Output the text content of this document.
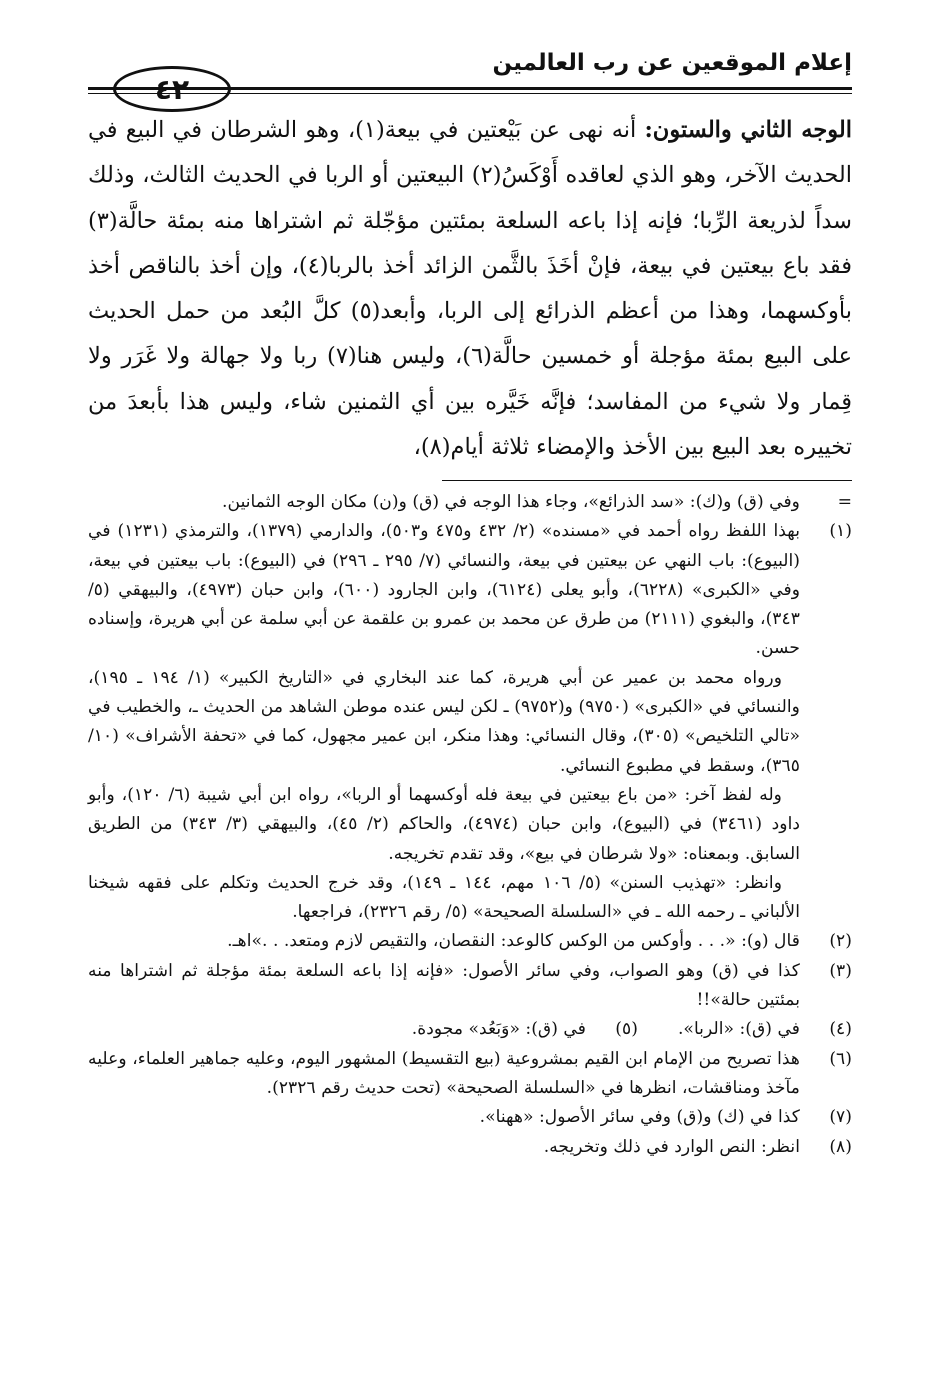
إعلام الموقعين عن رب العالمين
٤٢
الوجه الثاني والستون: أنه نهى عن بَيْعتين في بيعة(١)، وهو الشرطان في البيع في الحديث الآخر، وهو الذي لعاقده أَوْكَسُ(٢) البيعتين أو الربا في الحديث الثالث، وذلك سداً لذريعة الرِّبا؛ فإنه إذا باعه السلعة بمئتين مؤجّلة ثم اشتراها منه بمئة حالَّة(٣) فقد باع بيعتين في بيعة، فإنْ أخَذَ بالثَّمن الزائد أخذ بالربا(٤)، وإن أخذ بالناقص أخذ بأوكسهما، وهذا من أعظم الذرائع إلى الربا، وأبعد(٥) كلَّ البُعد من حمل الحديث على البيع بمئة مؤجلة أو خمسين حالَّة(٦)، وليس هنا(٧) ربا ولا جهالة ولا غَرَر ولا قِمار ولا شيء من المفاسد؛ فإنَّه خَيَّره بين أي الثمنين شاء، وليس هذا بأبعدَ من تخييره بعد البيع بين الأخذ والإمضاء ثلاثة أيام(٨)،

=
وفي (ق) و(ك): «سد الذرائع»، وجاء هذا الوجه في (ق) و(ن) مكان الوجه الثمانين.

(١)
بهذا اللفظ رواه أحمد في «مسنده» (٢/ ٤٣٢ و٤٧٥ و٥٠٣)، والدارمي (١٣٧٩)، والترمذي (١٢٣١) في (البيوع): باب النهي عن بيعتين في بيعة، والنسائي (٧/ ٢٩٥ ـ ٢٩٦) في (البيوع): باب بيعتين في بيعة، وفي «الكبرى» (٦٢٢٨)، وأبو يعلى (٦١٢٤)، وابن الجارود (٦٠٠)، وابن حبان (٤٩٧٣)، والبيهقي (٥/ ٣٤٣)، والبغوي (٢١١١) من طرق عن محمد بن عمرو بن علقمة عن أبي سلمة عن أبي هريرة، وإسناده حسن.

ورواه محمد بن عمير عن أبي هريرة، كما عند البخاري في «التاريخ الكبير» (١/ ١٩٤ ـ ١٩٥)، والنسائي في «الكبرى» (٩٧٥٠) و(٩٧٥٢) ـ لكن ليس عنده موطن الشاهد من الحديث ـ، والخطيب في «تالي التلخيص» (٣٠٥)، وقال النسائي: وهذا منكر، ابن عمير مجهول، كما في «تحفة الأشراف» (١٠/ ٣٦٥)، وسقط في مطبوع النسائي.

وله لفظ آخر: «من باع بيعتين في بيعة فله أوكسهما أو الربا»، رواه ابن أبي شيبة (٦/ ١٢٠)، وأبو داود (٣٤٦١) في (البيوع)، وابن حبان (٤٩٧٤)، والحاكم (٢/ ٤٥)، والبيهقي (٣/ ٣٤٣) من الطريق السابق. وبمعناه: «ولا شرطان في بيع»، وقد تقدم تخريجه.

وانظر: «تهذيب السنن» (٥/ ١٠٦ مهم، ١٤٤ ـ ١٤٩)، وقد خرج الحديث وتكلم على فقهه شيخنا الألباني ـ رحمه الله ـ في «السلسلة الصحيحة» (٥/ رقم ٢٣٢٦)، فراجعها.

(٢)
قال (و): «. . . وأوكس من الوكس كالوعد: النقصان، والتقيص لازم ومتعد. . .»اهـ.

(٣)
كذا في (ق) وهو الصواب، وفي سائر الأصول: «فإنه إذا باعه السلعة بمئة مؤجلة ثم اشتراها منه بمئتين حالة»!!

(٤)
في (ق): «الربا».
(٥)
في (ق): «وَبَعُد» مجودة.

(٦)
هذا تصريح من الإمام ابن القيم بمشروعية (بيع التقسيط) المشهور اليوم، وعليه جماهير العلماء، وعليه مآخذ ومناقشات، انظرها في «السلسلة الصحيحة» (تحت حديث رقم ٢٣٢٦).

(٧)
كذا في (ك) و(ق) وفي سائر الأصول: «ههنا».

(٨)
انظر: النص الوارد في ذلك وتخريجه.
